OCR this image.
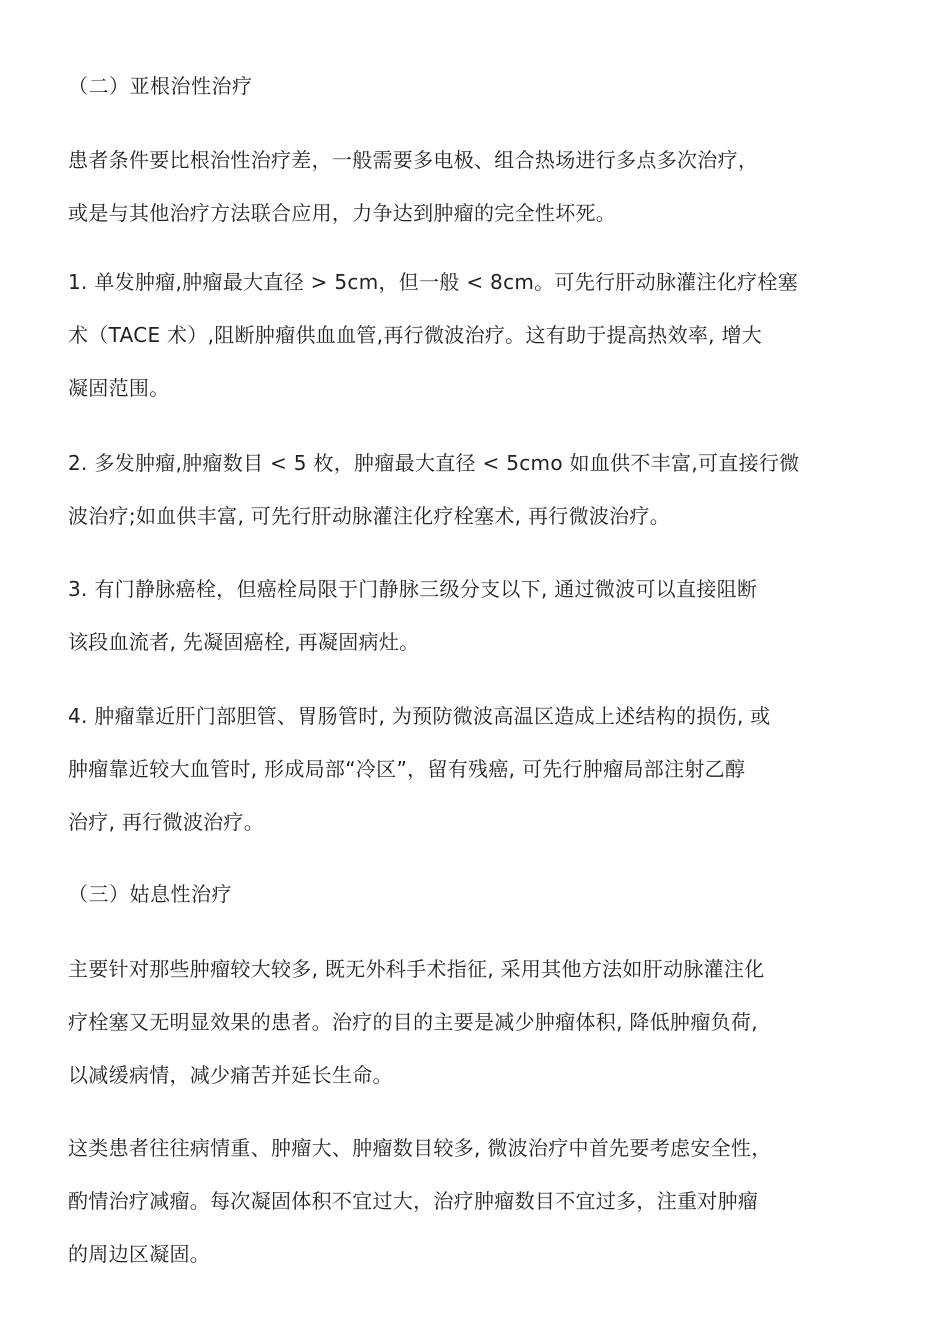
（二）亚根治性治疗

患者条件要比根治性治疗差，一般需要多电极、组合热场进行多点多次治疗，
或是与其他治疗方法联合应用，力争达到肿瘤的完全性坏死。

1. 单发肿瘤,肿瘤最大直径 > 5cm，但一般 < 8cm。可先行肝动脉灌注化疗栓塞
术（TACE 术）,阻断肿瘤供血血管,再行微波治疗。这有助于提高热效率, 增大
凝固范围。

2. 多发肿瘤,肿瘤数目 < 5 枚，肿瘤最大直径 < 5cmo 如血供不丰富,可直接行微
波治疗;如血供丰富, 可先行肝动脉灌注化疗栓塞术, 再行微波治疗。

3. 有门静脉癌栓，但癌栓局限于门静脉三级分支以下, 通过微波可以直接阻断
该段血流者, 先凝固癌栓, 再凝固病灶。

4. 肿瘤靠近肝门部胆管、胃肠管时, 为预防微波高温区造成上述结构的损伤, 或
肿瘤靠近较大血管时, 形成局部“冷区”，留有残癌, 可先行肿瘤局部注射乙醇
治疗, 再行微波治疗。

（三）姑息性治疗

主要针对那些肿瘤较大较多, 既无外科手术指征, 采用其他方法如肝动脉灌注化
疗栓塞又无明显效果的患者。治疗的目的主要是减少肿瘤体积, 降低肿瘤负荷,
以减缓病情，减少痛苦并延长生命。

这类患者往往病情重、肿瘤大、肿瘤数目较多, 微波治疗中首先要考虑安全性，
酌情治疗减瘤。每次凝固体积不宜过大，治疗肿瘤数目不宜过多，注重对肿瘤
的周边区凝固。
